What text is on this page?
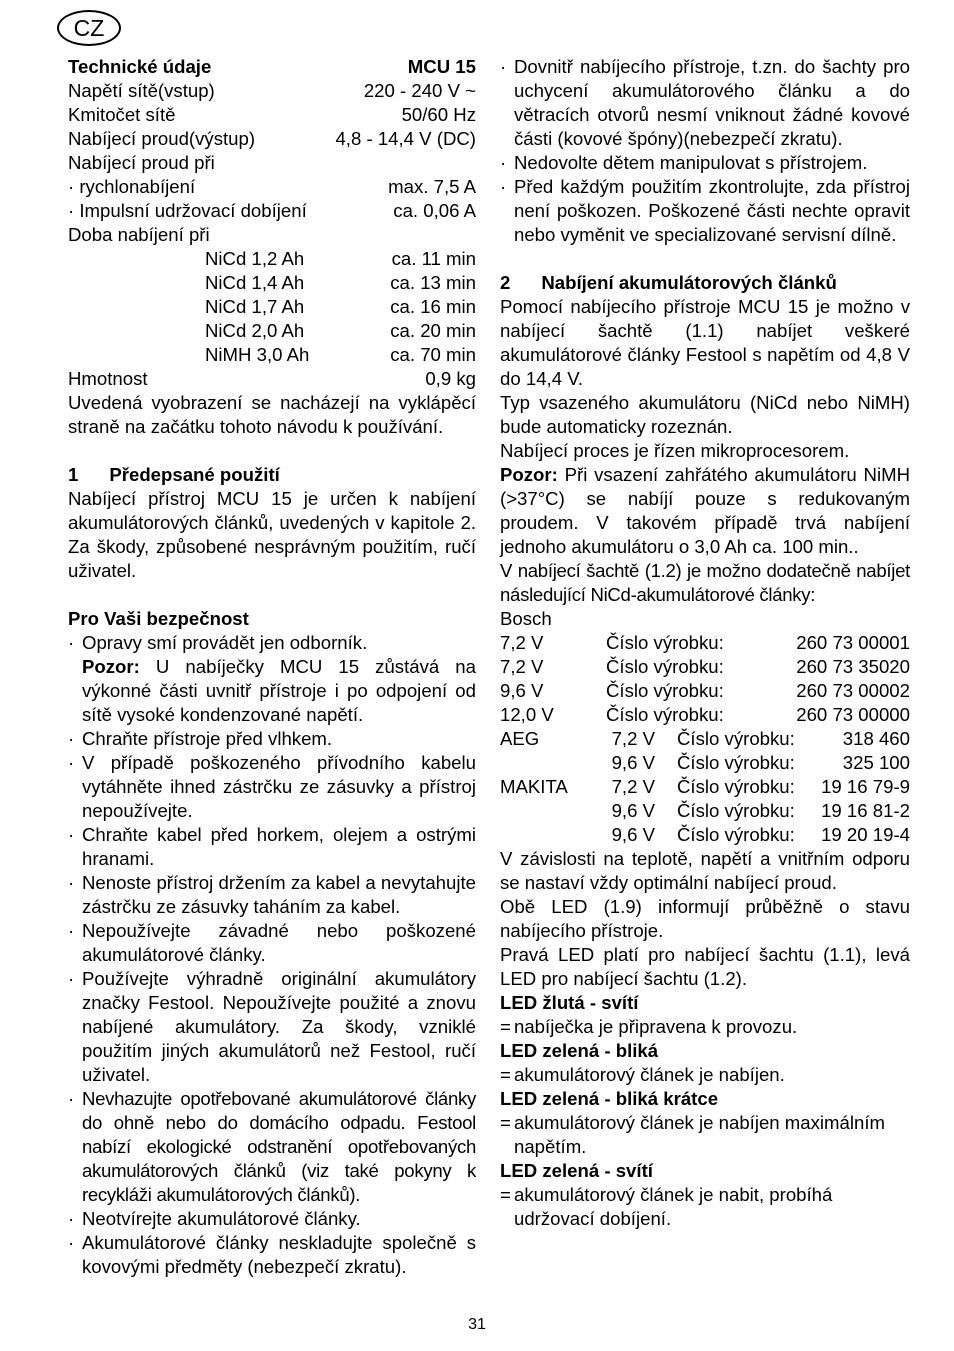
CZ
Technické údaje	MCU 15
Napětí sítě(vstup)	220 - 240 V ~
Kmitočet sítě	50/60 Hz
Nabíjecí proud(výstup)	4,8 - 14,4 V (DC)
Nabíjecí proud při
· rychlonabíjení	max. 7,5 A
· Impulsní udržovací dobíjení	ca. 0,06 A
Doba nabíjení při
NiCd 1,2 Ah	ca. 11 min
NiCd 1,4 Ah	ca. 13 min
NiCd 1,7 Ah	ca. 16 min
NiCd 2,0 Ah	ca. 20 min
NiMH 3,0 Ah	ca. 70 min
Hmotnost	0,9 kg
Uvedená vyobrazení se nacházejí na vyklápěcí straně na začátku tohoto návodu k používání.
1      Předepsané použití
Nabíjecí přístroj MCU 15 je určen k nabíjení akumulátorových článků, uvedených v kapitole 2. Za škody, způsobené nesprávným použitím, ručí uživatel.
Pro Vaši bezpečnost
· Opravy smí provádět jen odborník.
Pozor: U nabíječky MCU 15 zůstává na výkonné části uvnitř přístroje i po odpojení od sítě vysoké kondenzované napětí.
· Chraňte přístroje před vlhkem.
· V případě poškozeného přívodního kabelu vytáhněte ihned zástrčku ze zásuvky a přístroj nepoužívejte.
· Chraňte kabel před horkem, olejem a ostrými hranami.
· Nenoste přístroj držením za kabel a nevytahujte zástrčku ze zásuvky taháním za kabel.
· Nepoužívejte závadné nebo poškozené akumulátorové články.
· Používejte výhradně originální akumulátory značky Festool. Nepoužívejte použité a znovu nabíjené akumulátory. Za škody, vzniklé použitím jiných akumulátorů než Festool, ručí uživatel.
· Nevhazujte opotřebované akumulátorové články do ohně nebo do domácího odpadu. Festool nabízí ekologické odstranění opotřebovaných akumulátorových článků (viz také pokyny k recykláži akumulátorových článků).
· Neotvírejte akumulátorové články.
· Akumulátorové články neskladujte společně s kovovými předměty (nebezpečí zkratu).
· Dovnitř nabíjecího přístroje, t.zn. do šachty pro uchycení akumulátorového článku a do větracích otvorů nesmí vniknout žádné kovové části (kovové špóny)(nebezpečí zkratu).
· Nedovolte dětem manipulovat s přístrojem.
· Před každým použitím zkontrolujte, zda přístroj není poškozen. Poškozené části nechte opravit nebo vyměnit ve specializované servisní dílně.
2      Nabíjení akumulátorových článků
Pomocí nabíjecího přístroje MCU 15 je možno v nabíjecí šachtě (1.1) nabíjet veškeré akumulátorové články Festool s napětím od 4,8 V do 14,4 V.
Typ vsazeného akumulátoru (NiCd nebo NiMH) bude automaticky rozeznán.
Nabíjecí proces je řízen mikroprocesorem.
Pozor: Při vsazení zahřátého akumulátoru NiMH (>37°C) se nabíjí pouze s redukovaným proudem. V takovém případě trvá nabíjení jednoho akumulátoru o 3,0 Ah ca. 100 min..
V nabíjecí šachtě (1.2) je možno dodatečně nabíjet následující NiCd-akumulátorové články:
Bosch
7,2 V	Číslo výrobku:	260 73 00001
7,2 V	Číslo výrobku:	260 73 35020
9,6 V	Číslo výrobku:	260 73 00002
12,0 V	Číslo výrobku:	260 73 00000
AEG	7,2 V Číslo výrobku:	318 460
9,6 V Číslo výrobku:	325 100
MAKITA	7,2 V Číslo výrobku: 19 16 79-9
9,6 V Číslo výrobku: 19 16 81-2
9,6 V Číslo výrobku: 19 20 19-4
V závislosti na teplotě, napětí a vnitřním odporu se nastaví vždy optimální nabíjecí proud.
Obě LED (1.9) informují průběžně o stavu nabíjecího přístroje.
Pravá LED platí pro nabíjecí šachtu (1.1), levá LED pro nabíjecí šachtu (1.2).
LED žlutá - svítí
= nabíječka je připravena k provozu.
LED zelená - bliká
= akumulátorový článek je nabíjen.
LED zelená - bliká krátce
= akumulátorový článek je nabíjen maximálním napětím.
LED zelená - svítí
= akumulátorový článek je nabit, probíhá udržovací dobíjení.
31
